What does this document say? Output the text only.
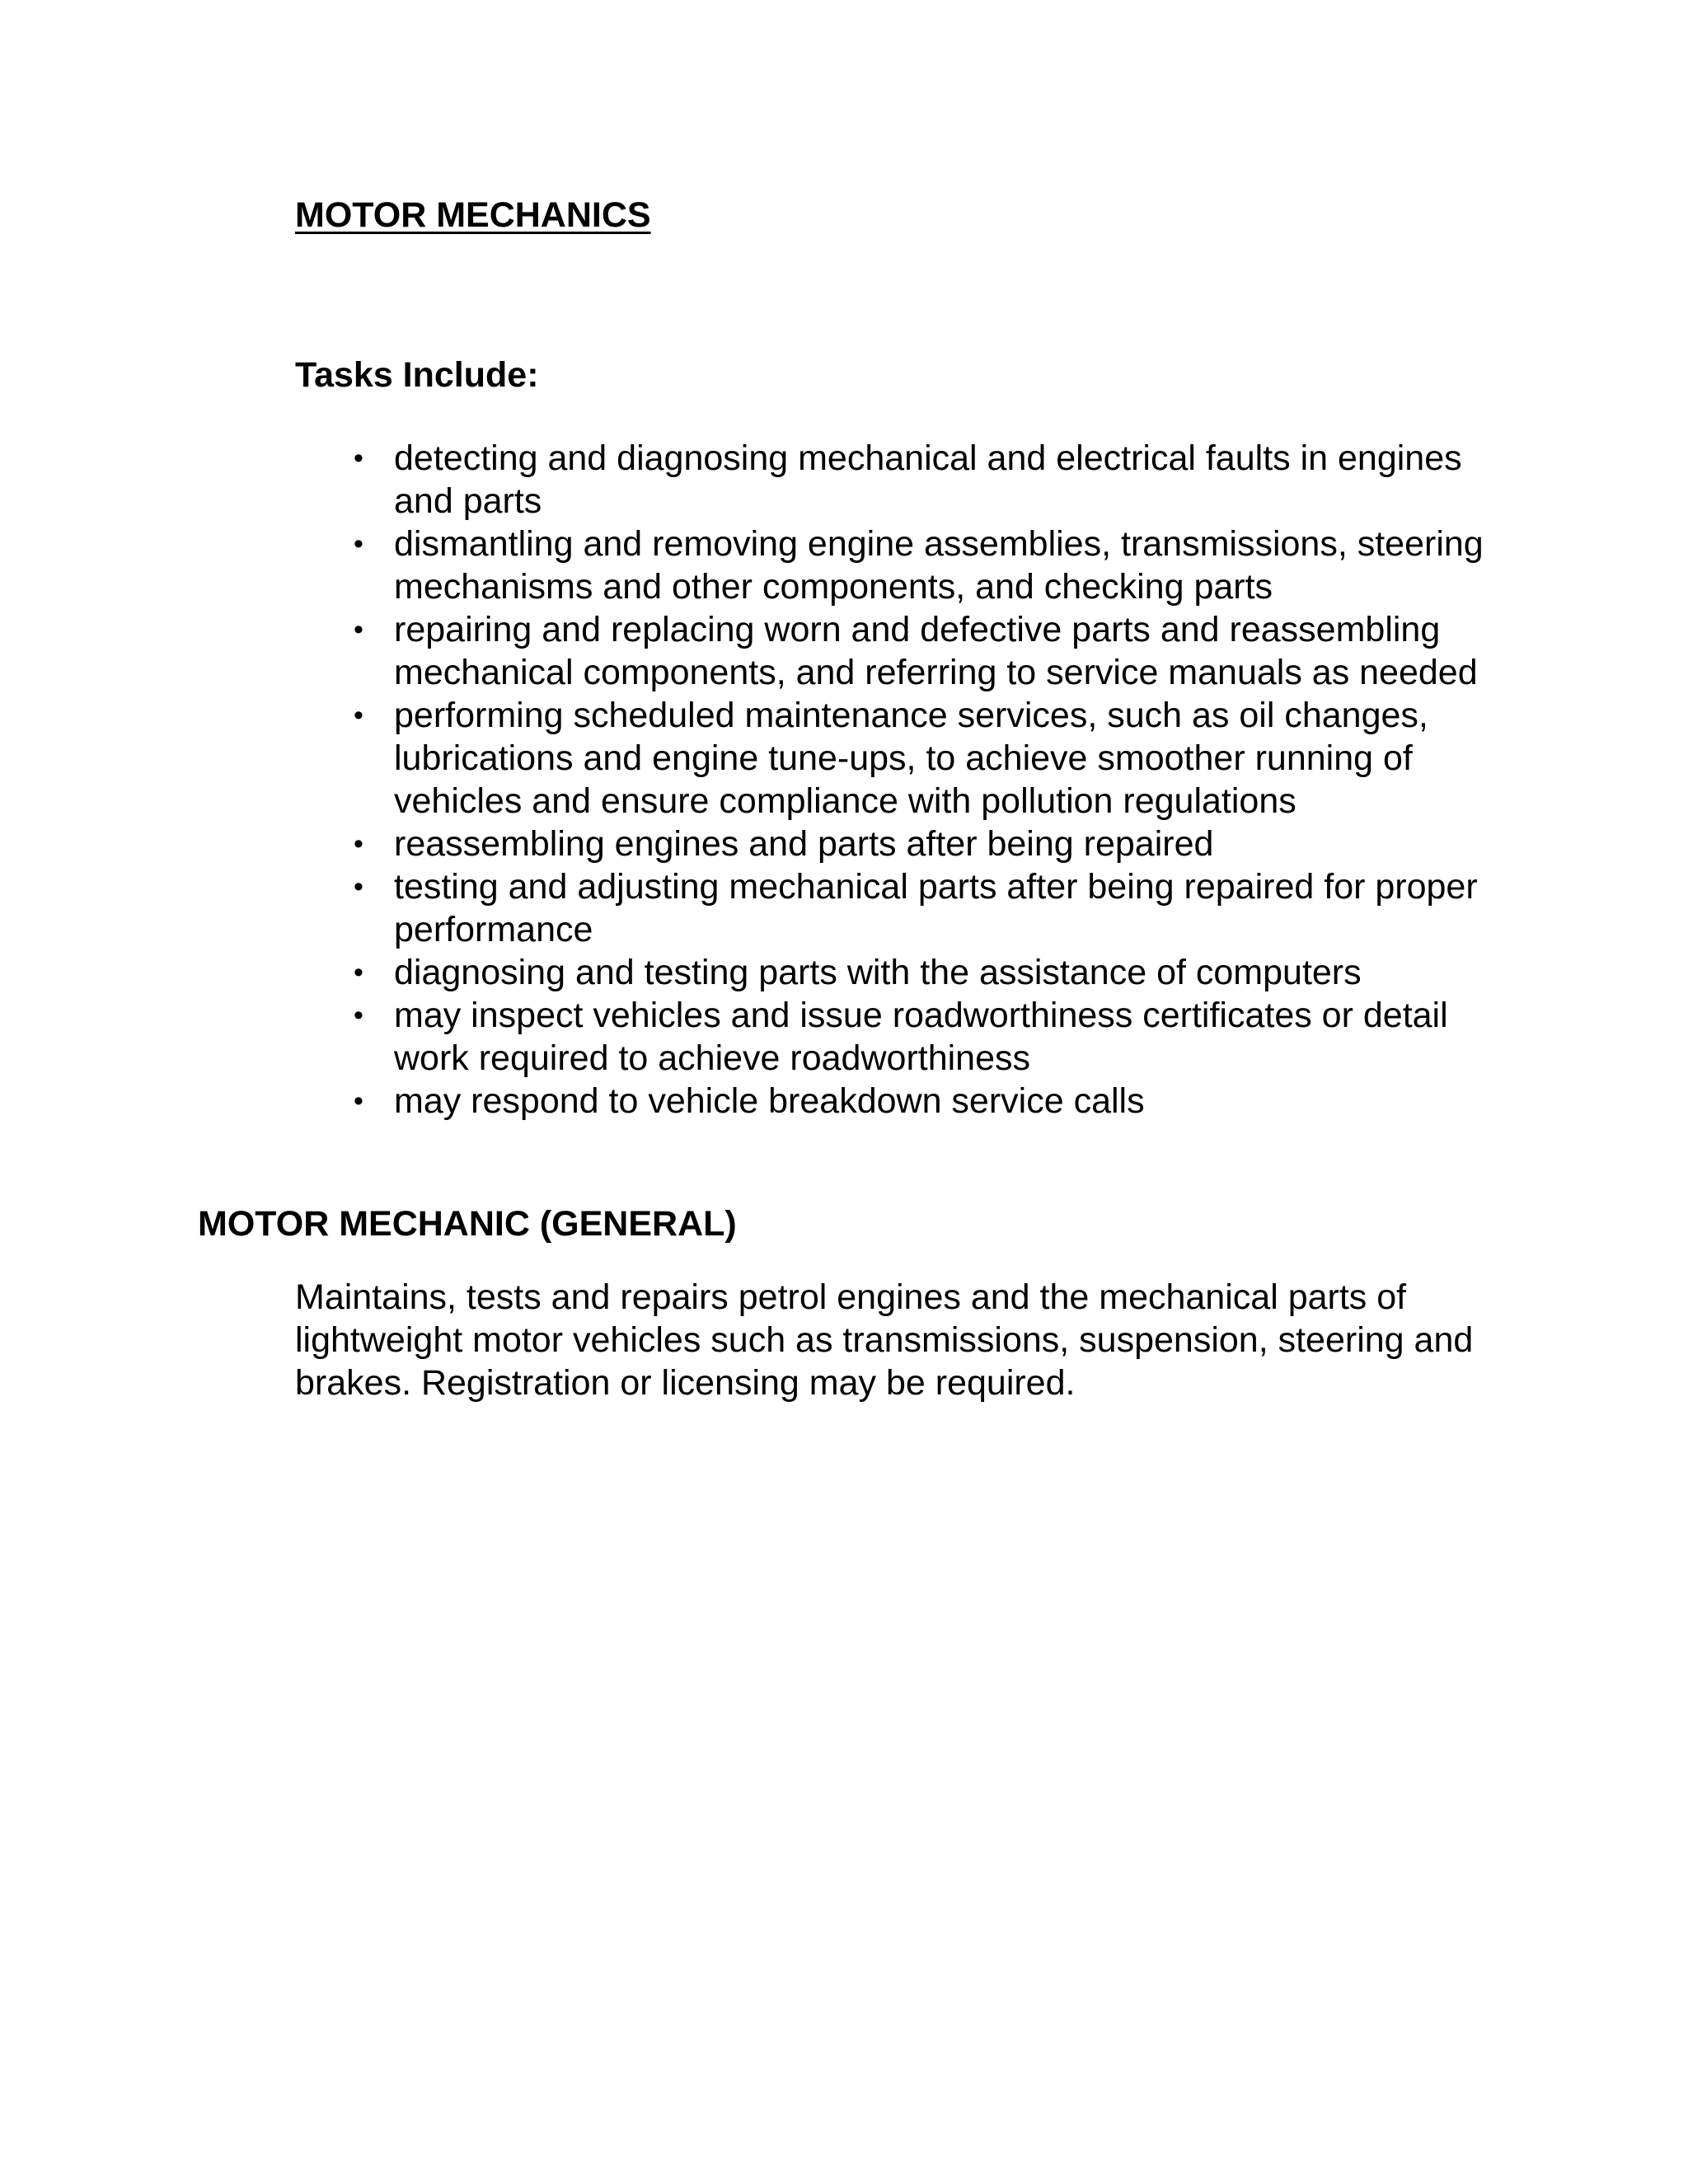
MOTOR MECHANICS
Tasks Include:
• detecting and diagnosing mechanical and electrical faults in engines and parts
• dismantling and removing engine assemblies, transmissions, steering mechanisms and other components, and checking parts
• repairing and replacing worn and defective parts and reassembling mechanical components, and referring to service manuals as needed
• performing scheduled maintenance services, such as oil changes, lubrications and engine tune-ups, to achieve smoother running of vehicles and ensure compliance with pollution regulations
• reassembling engines and parts after being repaired
• testing and adjusting mechanical parts after being repaired for proper performance
• diagnosing and testing parts with the assistance of computers
• may inspect vehicles and issue roadworthiness certificates or detail work required to achieve roadworthiness
• may respond to vehicle breakdown service calls
MOTOR MECHANIC (GENERAL)

Maintains, tests and repairs petrol engines and the mechanical parts of lightweight motor vehicles such as transmissions, suspension, steering and brakes. Registration or licensing may be required.
